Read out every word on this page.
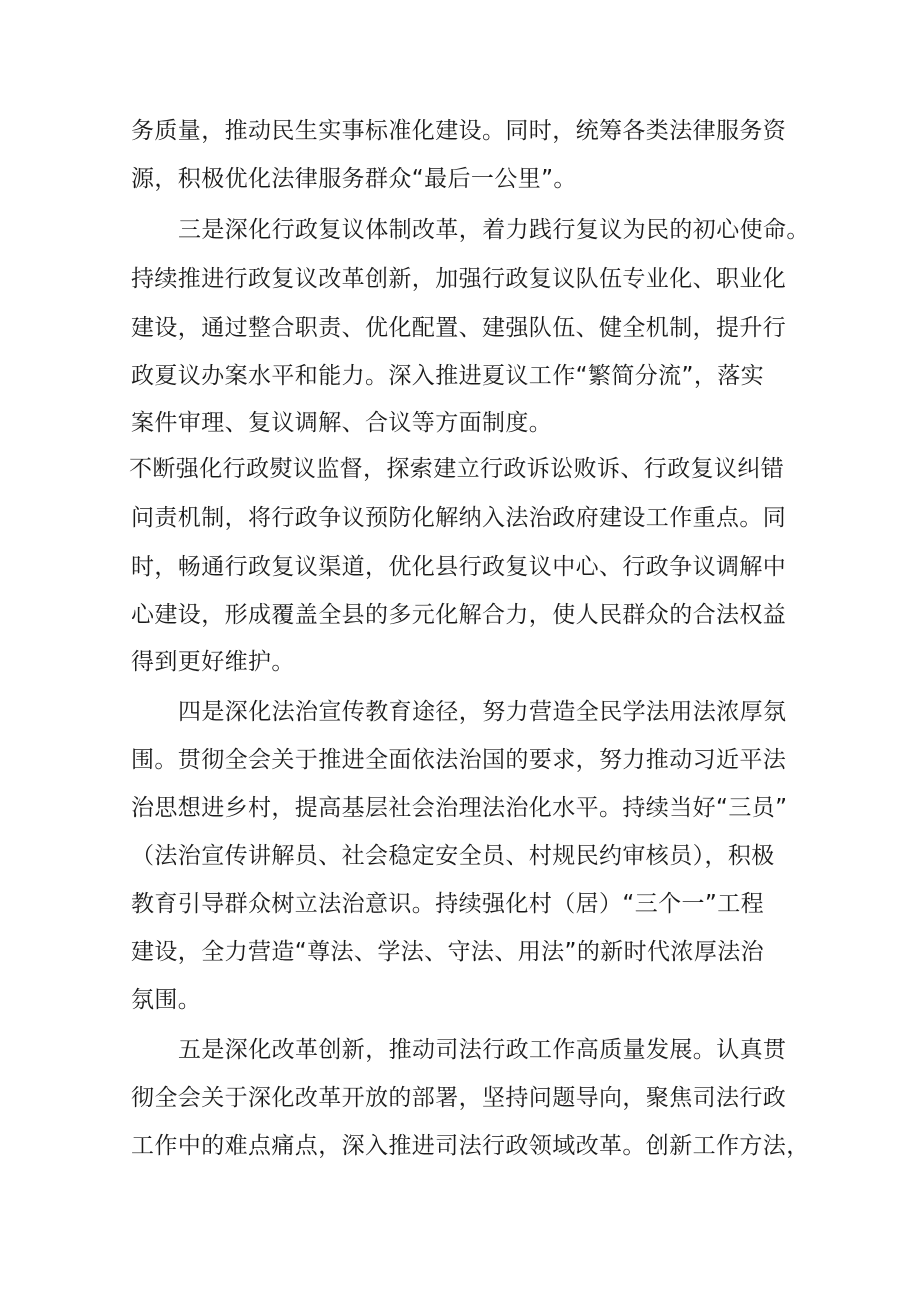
务质量，推动民生实事标准化建设。同时，统筹各类法律服务资
源，积极优化法律服务群众“最后一公里”。
三是深化行政复议体制改革，着力践行复议为民的初心使命。
持续推进行政复议改革创新，加强行政复议队伍专业化、职业化
建设，通过整合职责、优化配置、建强队伍、健全机制，提升行
政夏议办案水平和能力。深入推进夏议工作“繁简分流”，落实
案件审理、复议调解、合议等方面制度。
不断强化行政熨议监督，探索建立行政诉讼败诉、行政复议纠错
问责机制，将行政争议预防化解纳入法治政府建设工作重点。同
时，畅通行政复议渠道，优化县行政复议中心、行政争议调解中
心建设，形成覆盖全县的多元化解合力，使人民群众的合法权益
得到更好维护。
四是深化法治宣传教育途径，努力营造全民学法用法浓厚氛
围。贯彻全会关于推进全面依法治国的要求，努力推动习近平法
治思想进乡村，提高基层社会治理法治化水平。持续当好“三员”
（法治宣传讲解员、社会稳定安全员、村规民约审核员），积极
教育引导群众树立法治意识。持续强化村（居）“三个一”工程
建设，全力营造“尊法、学法、守法、用法”的新时代浓厚法治
氛围。
五是深化改革创新，推动司法行政工作高质量发展。认真贯
彻全会关于深化改革开放的部署，坚持问题导向，聚焦司法行政
工作中的难点痛点，深入推进司法行政领域改革。创新工作方法，
